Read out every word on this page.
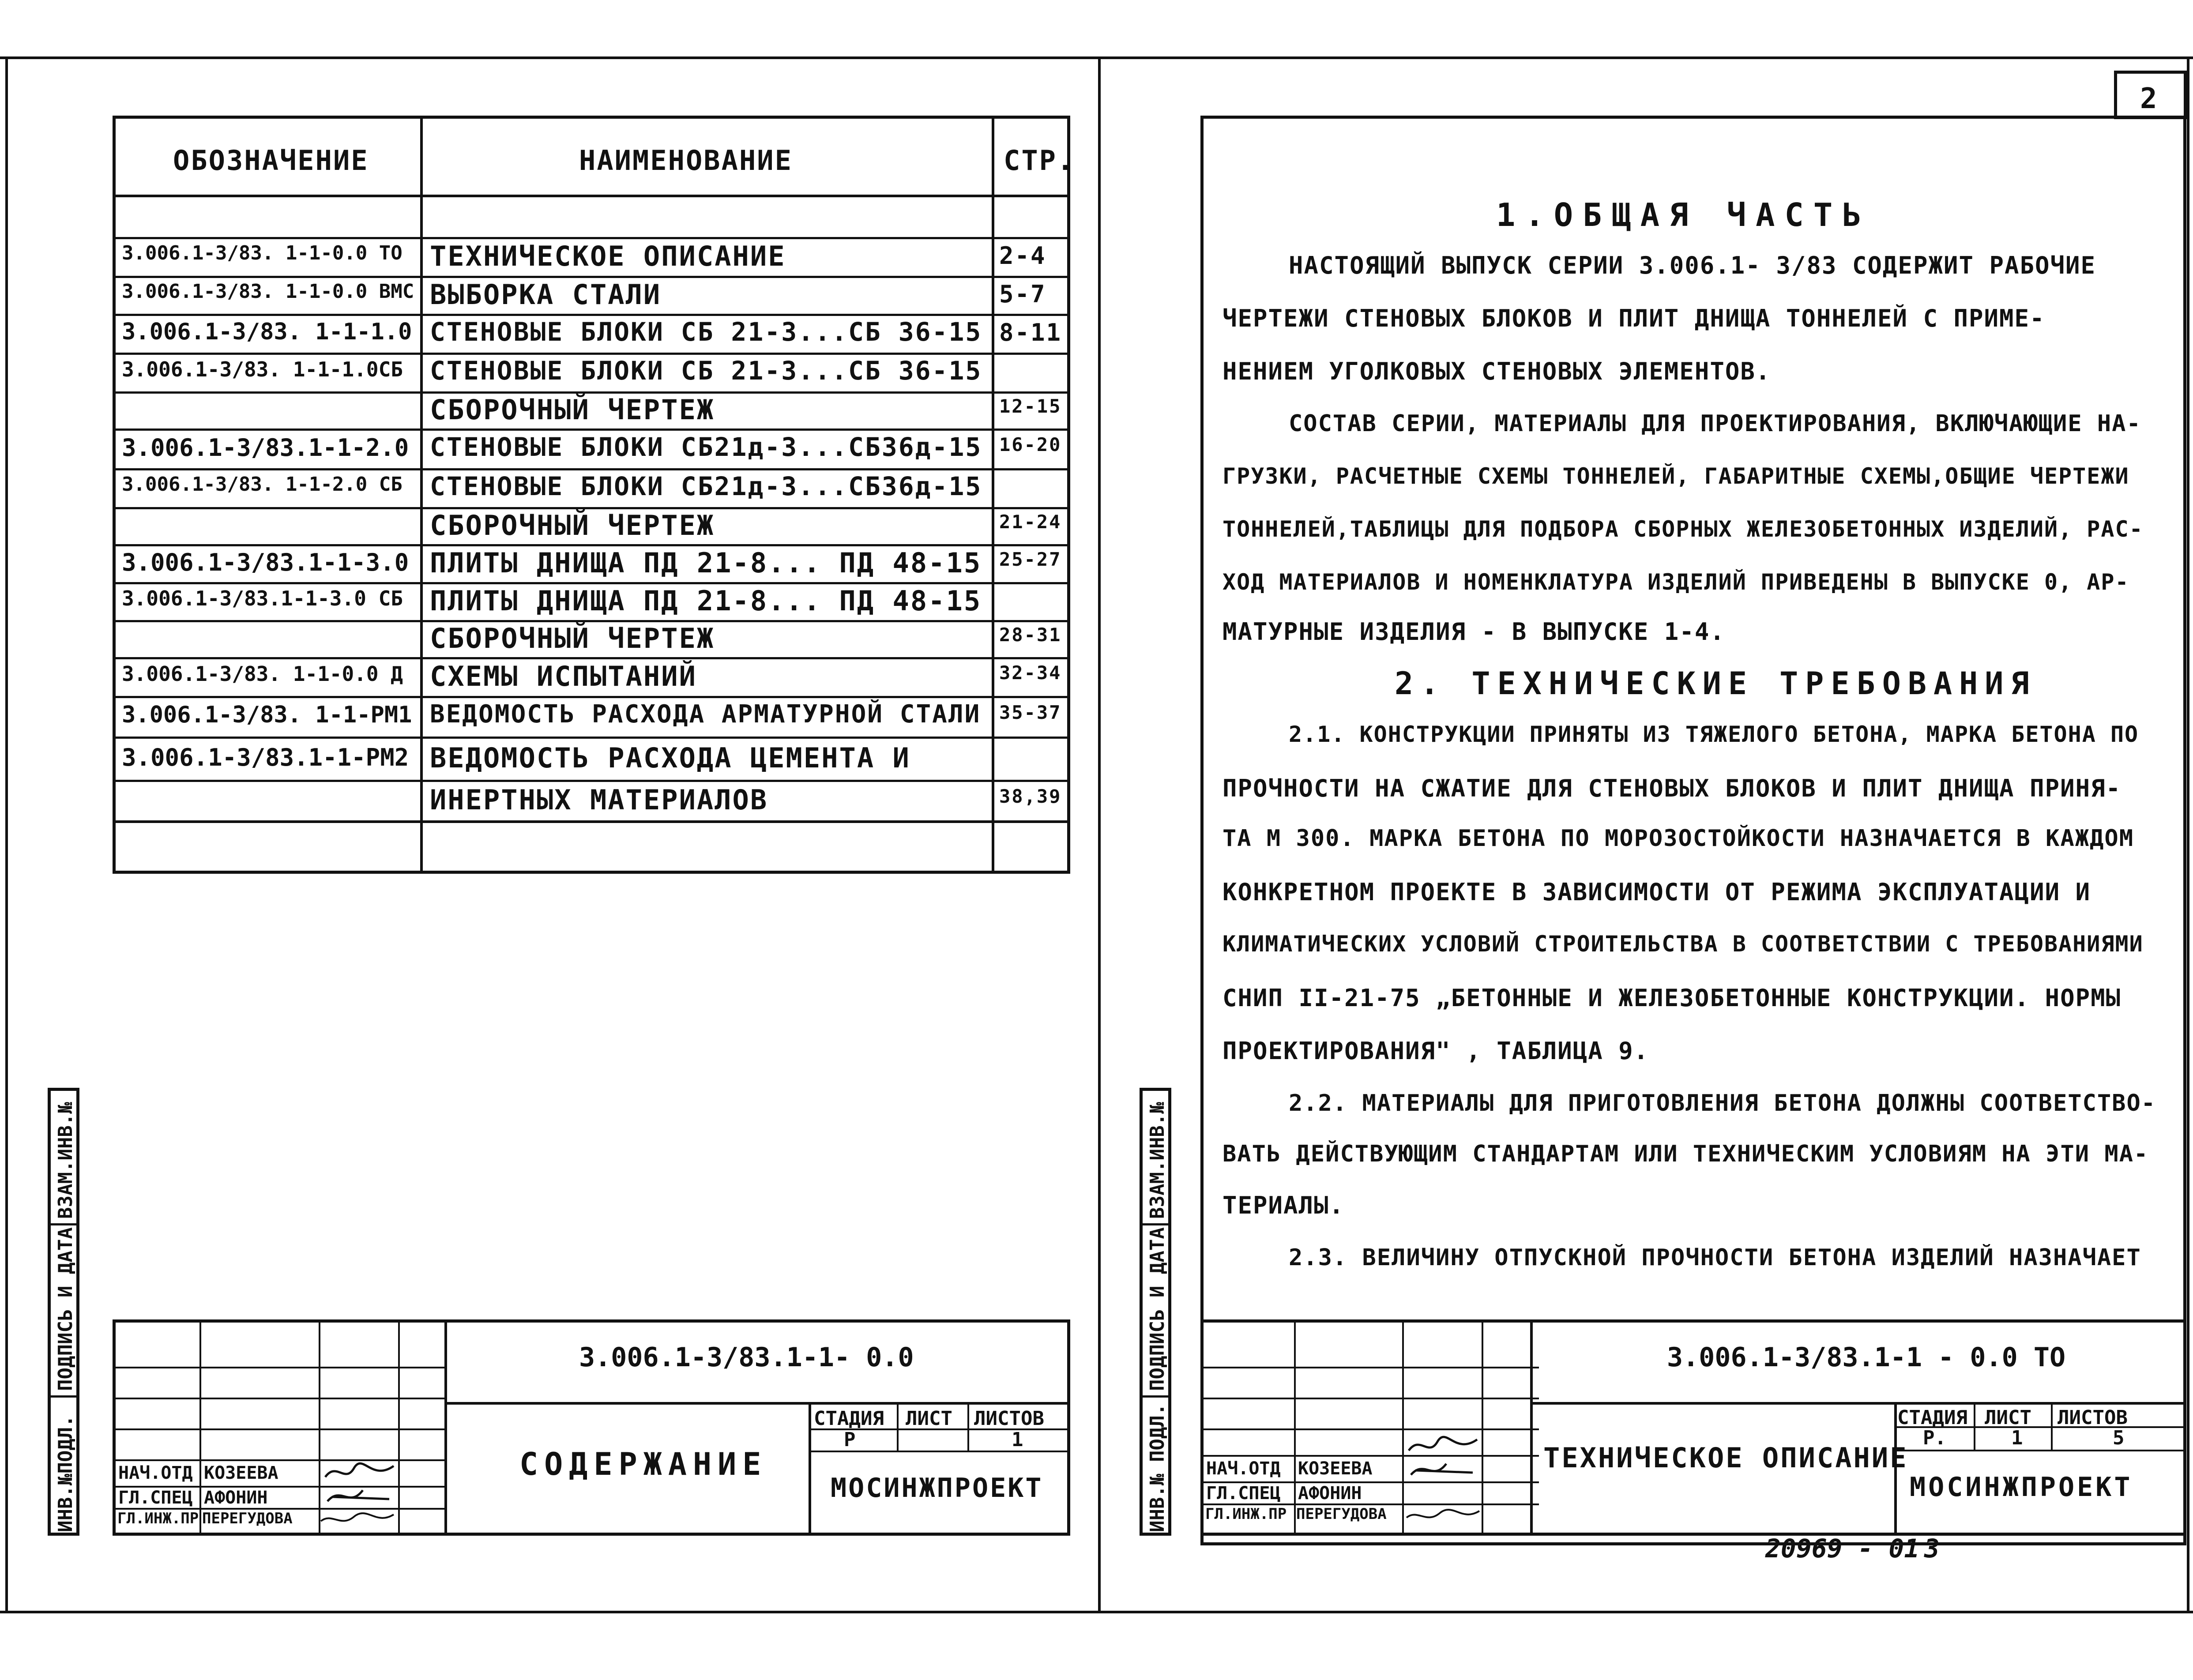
ОБОЗНАЧЕНИЕ	НАИМЕНОВАНИЕ	СТР.
3.006.1-3/83. 1-1-0.0 ТО ТЕХНИЧЕСКОЕ ОПИСАНИЕ	2-4
3.006.1-3/83. 1-1-0.0 ВМС ВЫБОРКА СТАЛИ	5-7
3.006.1-3/83. 1-1-1.0 СТЕНОВЫЕ БЛОКИ СБ 21-3...СБ 36-15 8-11
3.006.1-3/83. 1-1-1.0СБ СТЕНОВЫЕ БЛОКИ СБ 21-3...СБ 36-15
СБОРОЧНЫЙ ЧЕРТЕЖ	12-15
3.006.1-3/83.1-1-2.0 СТЕНОВЫЕ БЛОКИ СБ21д-3...СБ36д-15 16-20
3.006.1-3/83. 1-1-2.0 СБ СТЕНОВЫЕ БЛОКИ СБ21д-3...СБ36д-15
СБОРОЧНЫЙ ЧЕРТЕЖ	21-24
3.006.1-3/83.1-1-3.0 ПЛИТЫ ДНИЩА ПД 21-8... ПД 48-15 25-27
3.006.1-3/83.1-1-3.0 СБ ПЛИТЫ ДНИЩА ПД 21-8... ПД 48-15
СБОРОЧНЫЙ ЧЕРТЕЖ	28-31
3.006.1-3/83. 1-1-0.0 Д СХЕМЫ ИСПЫТАНИЙ	32-34
3.006.1-3/83. 1-1-РМ1 ВЕДОМОСТЬ РАСХОДА АРМАТУРНОЙ СТАЛИ 35-37
3.006.1-3/83.1-1-РМ2 ВЕДОМОСТЬ РАСХОДА ЦЕМЕНТА И
ИНЕРТНЫХ МАТЕРИАЛОВ	38,39
3.006.1-3/83.1-1- 0.0
СОДЕРЖАНИЕ
СТАДИЯ ЛИСТ ЛИСТОВ
Р	1
МОСИНЖПРОЕКТ
НАЧ.ОТД КОЗЕЕВА
ГЛ.СПЕЦ АФОНИН
ГЛ.ИНЖ.ПР ПЕРЕГУДОВА
ВЗАМ.ИНВ.№
ПОДПИСЬ И ДАТА
ИНВ.№ПОДЛ.
2
1.ОБЩАЯ ЧАСТЬ
НАСТОЯЩИЙ ВЫПУСК СЕРИИ 3.006.1- 3/83 СОДЕРЖИТ РАБОЧИЕ
ЧЕРТЕЖИ СТЕНОВЫХ БЛОКОВ И ПЛИТ ДНИЩА ТОННЕЛЕЙ С ПРИМЕ-
НЕНИЕМ УГОЛКОВЫХ СТЕНОВЫХ ЭЛЕМЕНТОВ.
СОСТАВ СЕРИИ, МАТЕРИАЛЫ ДЛЯ ПРОЕКТИРОВАНИЯ, ВКЛЮЧАЮЩИЕ НА-
ГРУЗКИ, РАСЧЕТНЫЕ СХЕМЫ ТОННЕЛЕЙ, ГАБАРИТНЫЕ СХЕМЫ,ОБЩИЕ ЧЕРТЕЖИ
ТОННЕЛЕЙ,ТАБЛИЦЫ ДЛЯ ПОДБОРА СБОРНЫХ ЖЕЛЕЗОБЕТОННЫХ ИЗДЕЛИЙ, РАС-
ХОД МАТЕРИАЛОВ И НОМЕНКЛАТУРА ИЗДЕЛИЙ ПРИВЕДЕНЫ В ВЫПУСКЕ 0, АР-
МАТУРНЫЕ ИЗДЕЛИЯ - В ВЫПУСКЕ 1-4.
2. ТЕХНИЧЕСКИЕ ТРЕБОВАНИЯ
2.1. КОНСТРУКЦИИ ПРИНЯТЫ ИЗ ТЯЖЕЛОГО БЕТОНА, МАРКА БЕТОНА ПО
ПРОЧНОСТИ НА СЖАТИЕ ДЛЯ СТЕНОВЫХ БЛОКОВ И ПЛИТ ДНИЩА ПРИНЯ-
ТА М 300. МАРКА БЕТОНА ПО МОРОЗОСТОЙКОСТИ НАЗНАЧАЕТСЯ В КАЖДОМ
КОНКРЕТНОМ ПРОЕКТЕ В ЗАВИСИМОСТИ ОТ РЕЖИМА ЭКСПЛУАТАЦИИ И
КЛИМАТИЧЕСКИХ УСЛОВИЙ СТРОИТЕЛЬСТВА В СООТВЕТСТВИИ С ТРЕБОВАНИЯМИ
СНИП II-21-75 „БЕТОННЫЕ И ЖЕЛЕЗОБЕТОННЫЕ КОНСТРУКЦИИ. НОРМЫ
ПРОЕКТИРОВАНИЯ" , ТАБЛИЦА 9.
2.2. МАТЕРИАЛЫ ДЛЯ ПРИГОТОВЛЕНИЯ БЕТОНА ДОЛЖНЫ СООТВЕТСТВО-
ВАТЬ ДЕЙСТВУЮЩИМ СТАНДАРТАМ ИЛИ ТЕХНИЧЕСКИМ УСЛОВИЯМ НА ЭТИ МА-
ТЕРИАЛЫ.
2.3. ВЕЛИЧИНУ ОТПУСКНОЙ ПРОЧНОСТИ БЕТОНА ИЗДЕЛИЙ НАЗНАЧАЕТ
3.006.1-3/83.1-1 - 0.0 ТО
ТЕХНИЧЕСКОЕ ОПИСАНИЕ
СТАДИЯ ЛИСТ ЛИСТОВ
Р.	1	5
МОСИНЖПРОЕКТ
НАЧ.ОТД КОЗЕЕВА
ГЛ.СПЕЦ АФОНИН
ГЛ.ИНЖ.ПР ПЕРЕГУДОВА
ВЗАМ.ИНВ.№
ПОДПИСЬ И ДАТА
ИНВ.№ ПОДЛ.
20969 - 01 3
